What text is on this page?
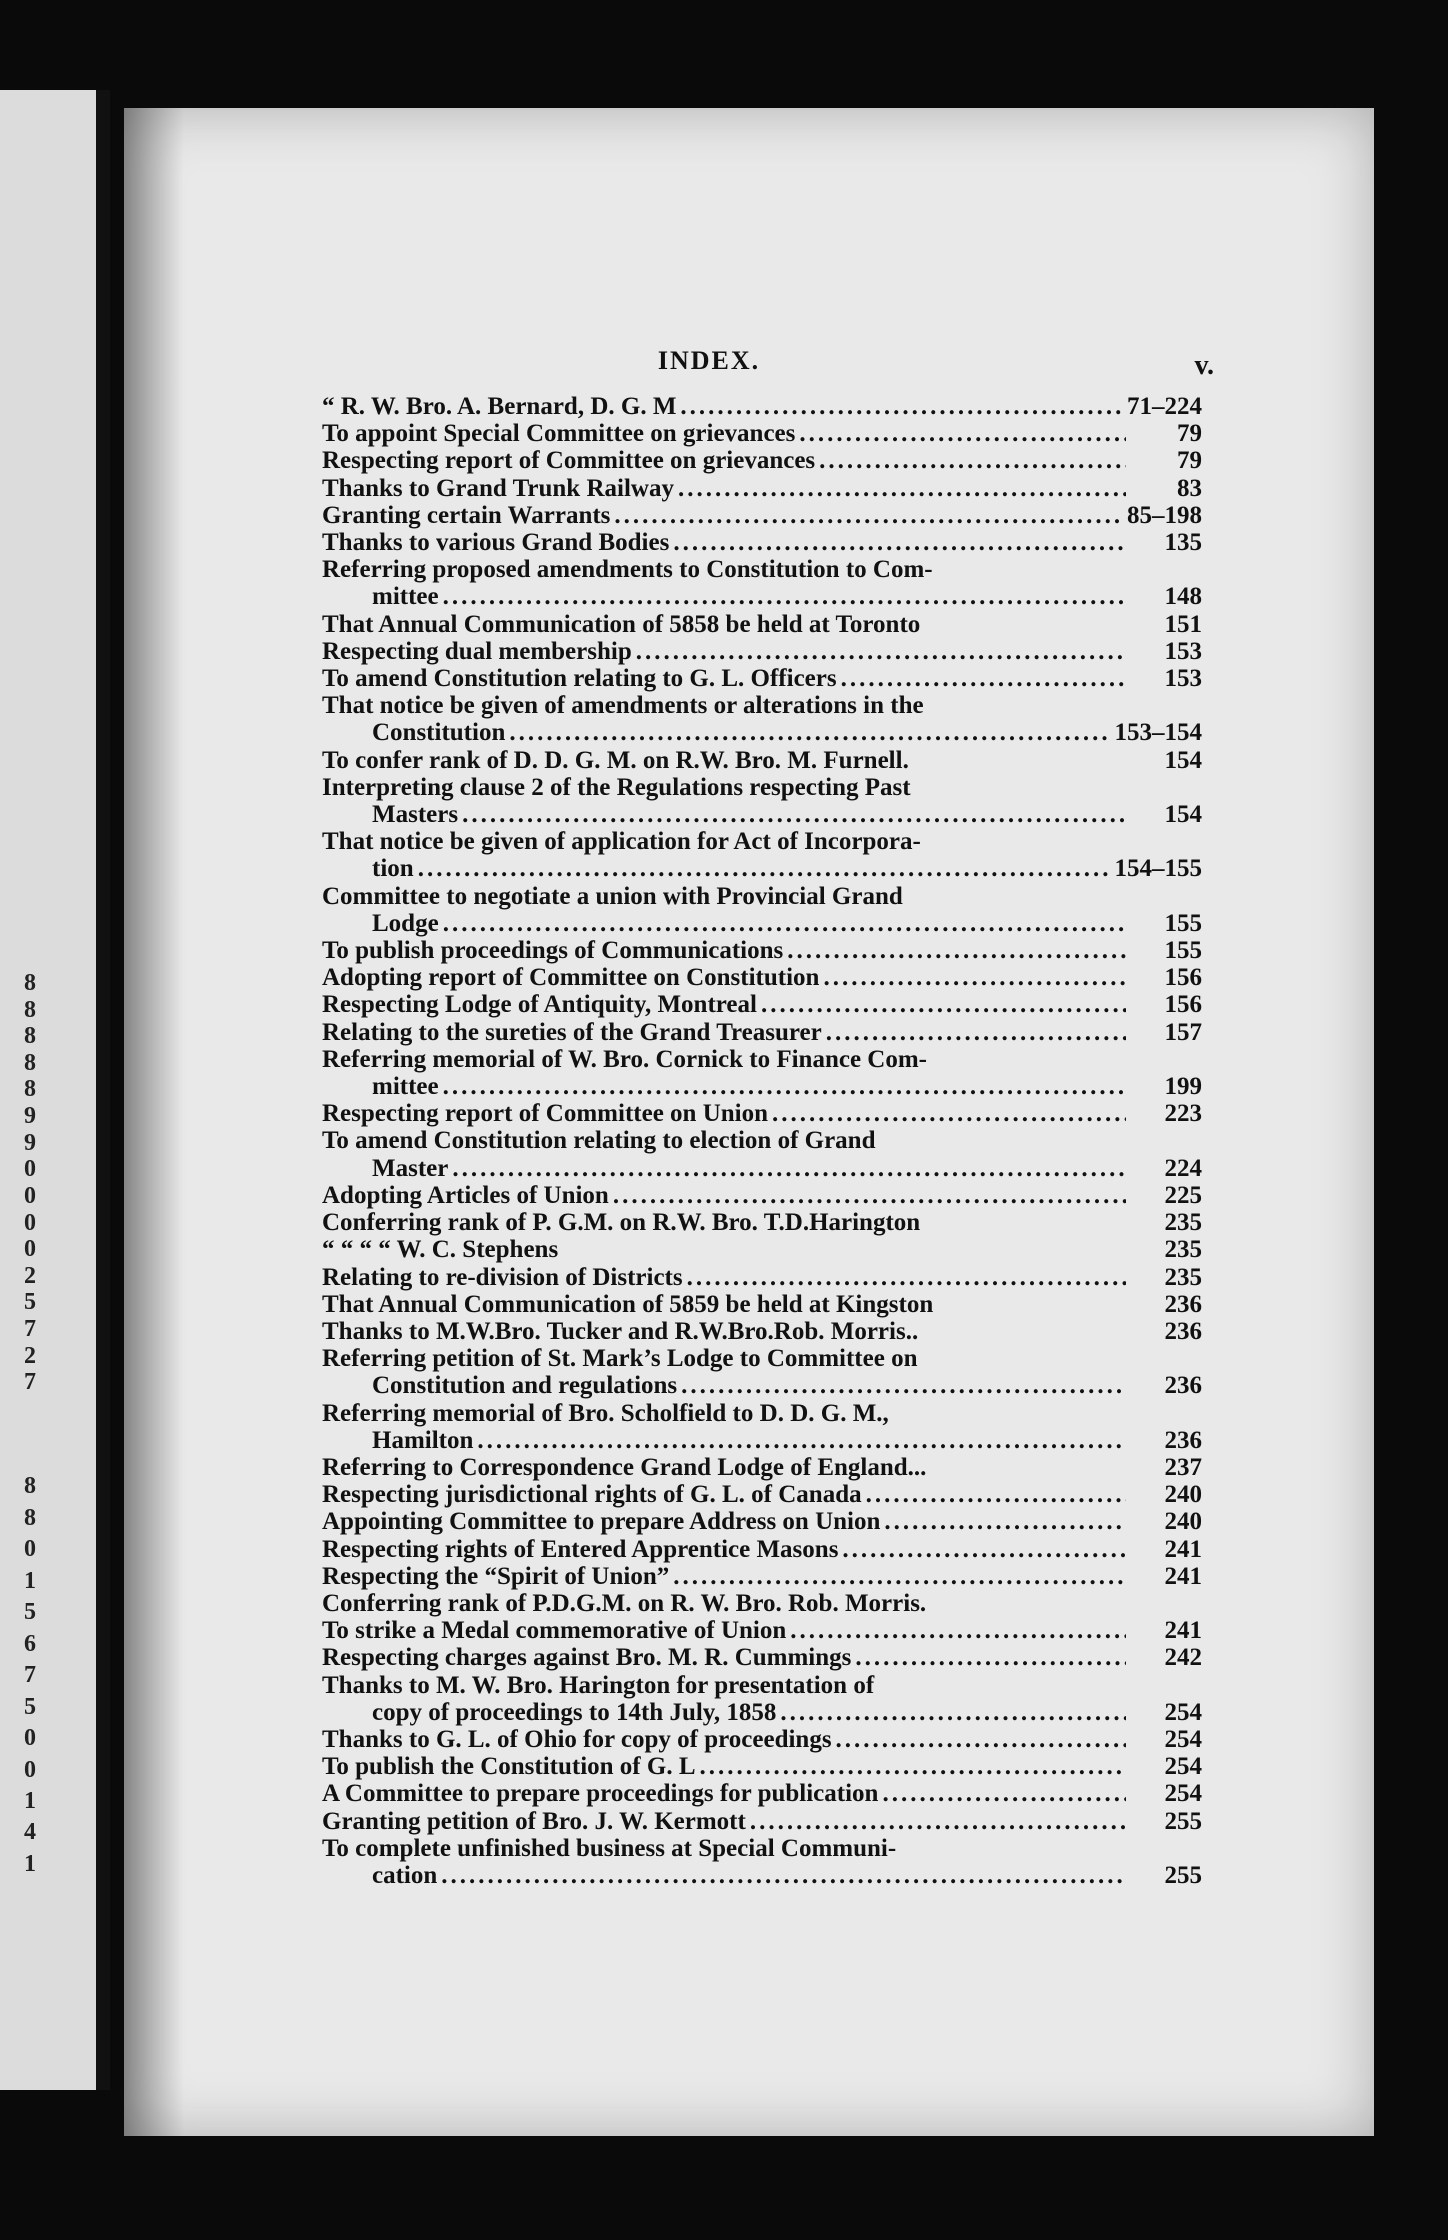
8
8
8
8
8
9
9
0
0
0
0
2
5
7
2
7
8
8
0
1
5
6
7
5
0
0
1
4
1
INDEX.	v.
“ R. W. Bro. A. Bernard, D. G. M .....	71–224
To appoint Special Committee on grievances .....	79
Respecting report of Committee on grievances .....	79
Thanks to Grand Trunk Railway .....	83
Granting certain Warrants .....	85–198
Thanks to various Grand Bodies .....	135
Referring proposed amendments to Constitution to Com-
mittee .....	148
That Annual Communication of 5858 be held at Toronto	151
Respecting dual membership .....	153
To amend Constitution relating to G. L. Officers .....	153
That notice be given of amendments or alterations in the
Constitution .....	153–154
To confer rank of D. D. G. M. on R.W. Bro. M. Furnell.	154
Interpreting clause 2 of the Regulations respecting Past
Masters .....	154
That notice be given of application for Act of Incorpora-
tion .....	154–155
Committee to negotiate a union with Provincial Grand
Lodge .....	155
To publish proceedings of Communications .....	155
Adopting report of Committee on Constitution .....	156
Respecting Lodge of Antiquity, Montreal .....	156
Relating to the sureties of the Grand Treasurer .....	157
Referring memorial of W. Bro. Cornick to Finance Com-
mittee .....	199
Respecting report of Committee on Union .....	223
To amend Constitution relating to election of Grand
Master .....	224
Adopting Articles of Union .....	225
Conferring rank of P. G.M. on R.W. Bro. T.D.Harington	235
“ “ “ “ W. C. Stephens	235
Relating to re-division of Districts .....	235
That Annual Communication of 5859 be held at Kingston	236
Thanks to M.W.Bro. Tucker and R.W.Bro.Rob. Morris..	236
Referring petition of St. Mark’s Lodge to Committee on
Constitution and regulations .....	236
Referring memorial of Bro. Scholfield to D. D. G. M.,
Hamilton .....	236
Referring to Correspondence Grand Lodge of England...	237
Respecting jurisdictional rights of G. L. of Canada .....	240
Appointing Committee to prepare Address on Union .....	240
Respecting rights of Entered Apprentice Masons .....	241
Respecting the “Spirit of Union” .....	241
Conferring rank of P.D.G.M. on R. W. Bro. Rob. Morris.
To strike a Medal commemorative of Union .....	241
Respecting charges against Bro. M. R. Cummings .....	242
Thanks to M. W. Bro. Harington for presentation of
copy of proceedings to 14th July, 1858 .....	254
Thanks to G. L. of Ohio for copy of proceedings .....	254
To publish the Constitution of G. L .....	254
A Committee to prepare proceedings for publication .....	254
Granting petition of Bro. J. W. Kermott .....	255
To complete unfinished business at Special Communi-
cation .....	255
